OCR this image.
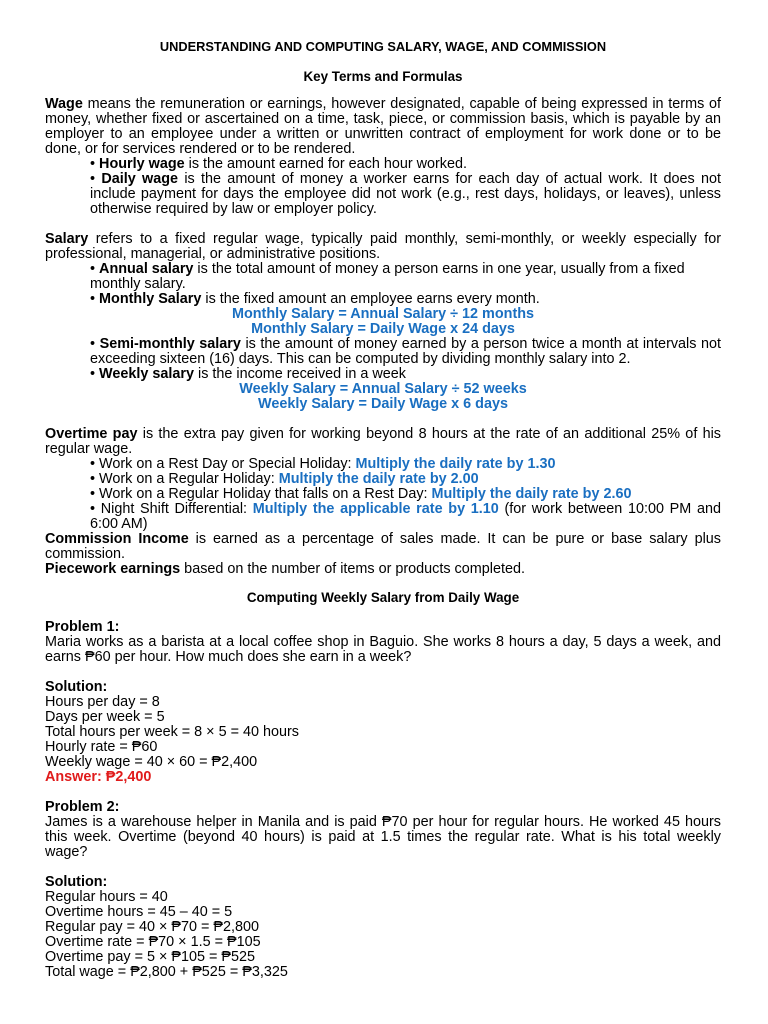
UNDERSTANDING AND COMPUTING SALARY, WAGE, AND COMMISSION

Key Terms and Formulas

Wage means the remuneration or earnings, however designated, capable of being expressed in terms of money, whether fixed or ascertained on a time, task, piece, or commission basis, which is payable by an employer to an employee under a written or unwritten contract of employment for work done or to be done, or for services rendered or to be rendered.

• Hourly wage is the amount earned for each hour worked.

• Daily wage is the amount of money a worker earns for each day of actual work. It does not include payment for days the employee did not work (e.g., rest days, holidays, or leaves), unless otherwise required by law or employer policy.

Salary refers to a fixed regular wage, typically paid monthly, semi-monthly, or weekly especially for professional, managerial, or administrative positions.

• Annual salary is the total amount of money a person earns in one year, usually from a fixed monthly salary.

• Monthly Salary is the fixed amount an employee earns every month.

Monthly Salary = Annual Salary ÷ 12 months

Monthly Salary = Daily Wage x 24 days

• Semi-monthly salary is the amount of money earned by a person twice a month at intervals not exceeding sixteen (16) days. This can be computed by dividing monthly salary into 2.

• Weekly salary is the income received in a week

Weekly Salary = Annual Salary ÷ 52 weeks

Weekly Salary = Daily Wage x 6 days

Overtime pay is the extra pay given for working beyond 8 hours at the rate of an additional 25% of his regular wage.

• Work on a Rest Day or Special Holiday: Multiply the daily rate by 1.30

• Work on a Regular Holiday: Multiply the daily rate by 2.00

• Work on a Regular Holiday that falls on a Rest Day: Multiply the daily rate by 2.60

• Night Shift Differential: Multiply the applicable rate by 1.10 (for work between 10:00 PM and 6:00 AM)

Commission Income is earned as a percentage of sales made. It can be pure or base salary plus commission.

Piecework earnings based on the number of items or products completed.

Computing Weekly Salary from Daily Wage

Problem 1:

Maria works as a barista at a local coffee shop in Baguio. She works 8 hours a day, 5 days a week, and earns ₱60 per hour. How much does she earn in a week?

Solution:

Hours per day = 8

Days per week = 5

Total hours per week = 8 × 5 = 40 hours

Hourly rate = ₱60

Weekly wage = 40 × 60 = ₱2,400

Answer: ₱2,400

Problem 2:

James is a warehouse helper in Manila and is paid ₱70 per hour for regular hours. He worked 45 hours this week. Overtime (beyond 40 hours) is paid at 1.5 times the regular rate. What is his total weekly wage?

Solution:

Regular hours = 40

Overtime hours = 45 – 40 = 5

Regular pay = 40 × ₱70 = ₱2,800

Overtime rate = ₱70 × 1.5 = ₱105

Overtime pay = 5 × ₱105 = ₱525

Total wage = ₱2,800 + ₱525 = ₱3,325
